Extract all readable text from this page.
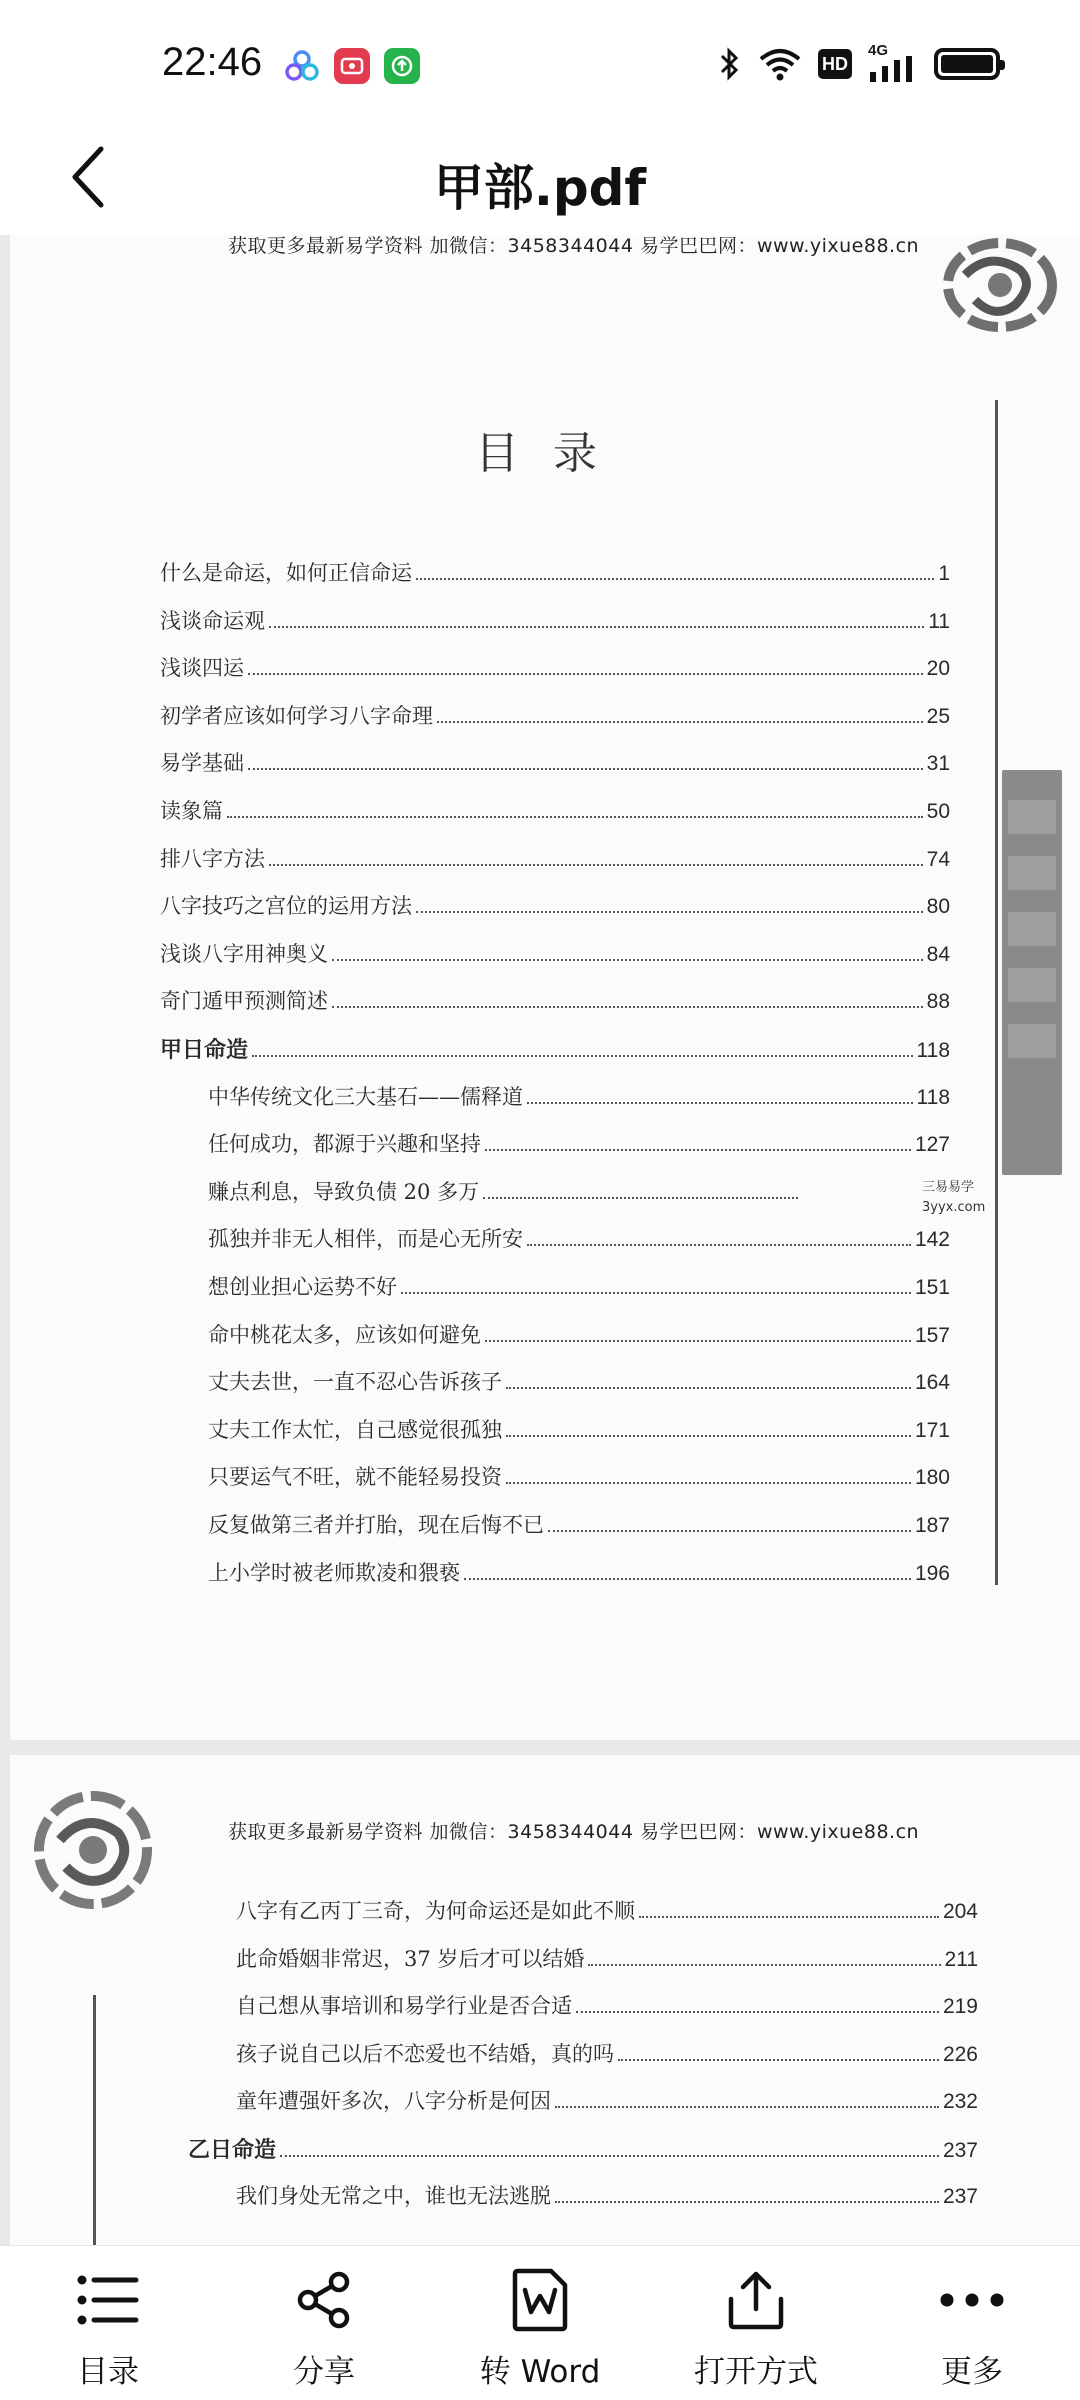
22:46	HD
4G
甲部.pdf
获取更多最新易学资料 加微信：3458344044 易学巴巴网：www.yixue88.cn
目录
三易易学
3yyx.com
什么是命运，如何正信命运	1
浅谈命运观	11
浅谈四运	20
初学者应该如何学习八字命理	25
易学基础	31
读象篇	50
排八字方法	74
八字技巧之宫位的运用方法	80
浅谈八字用神奥义	84
奇门遁甲预测简述	88
甲日命造	118
中华传统文化三大基石——儒释道	118
任何成功，都源于兴趣和坚持	127
赚点利息，导致负债 20 多万
孤独并非无人相伴，而是心无所安	142
想创业担心运势不好	151
命中桃花太多，应该如何避免	157
丈夫去世，一直不忍心告诉孩子	164
丈夫工作太忙，自己感觉很孤独	171
只要运气不旺，就不能轻易投资	180
反复做第三者并打胎，现在后悔不已	187
上小学时被老师欺凌和猥亵	196
获取更多最新易学资料 加微信：3458344044 易学巴巴网：www.yixue88.cn
八字有乙丙丁三奇，为何命运还是如此不顺	204
此命婚姻非常迟，37 岁后才可以结婚	211
自己想从事培训和易学行业是否合适	219
孩子说自己以后不恋爱也不结婚，真的吗	226
童年遭强奸多次，八字分析是何因	232
乙日命造	237
我们身处无常之中，谁也无法逃脱	237
目录	分享	转 Word	打开方式	更多
